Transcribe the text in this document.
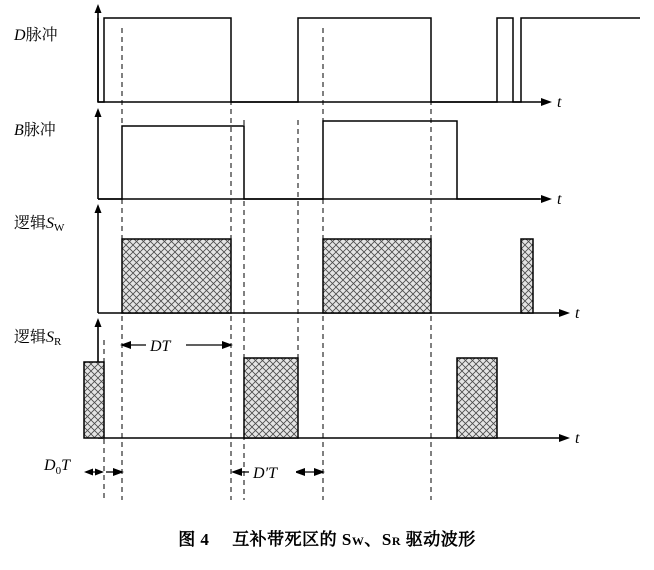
D脉冲
t
B脉冲
t
逻辑SW
t
逻辑SR
t
DT
$D_0T$	D′T
图 4 互补带死区的 SW、SR 驱动波形
